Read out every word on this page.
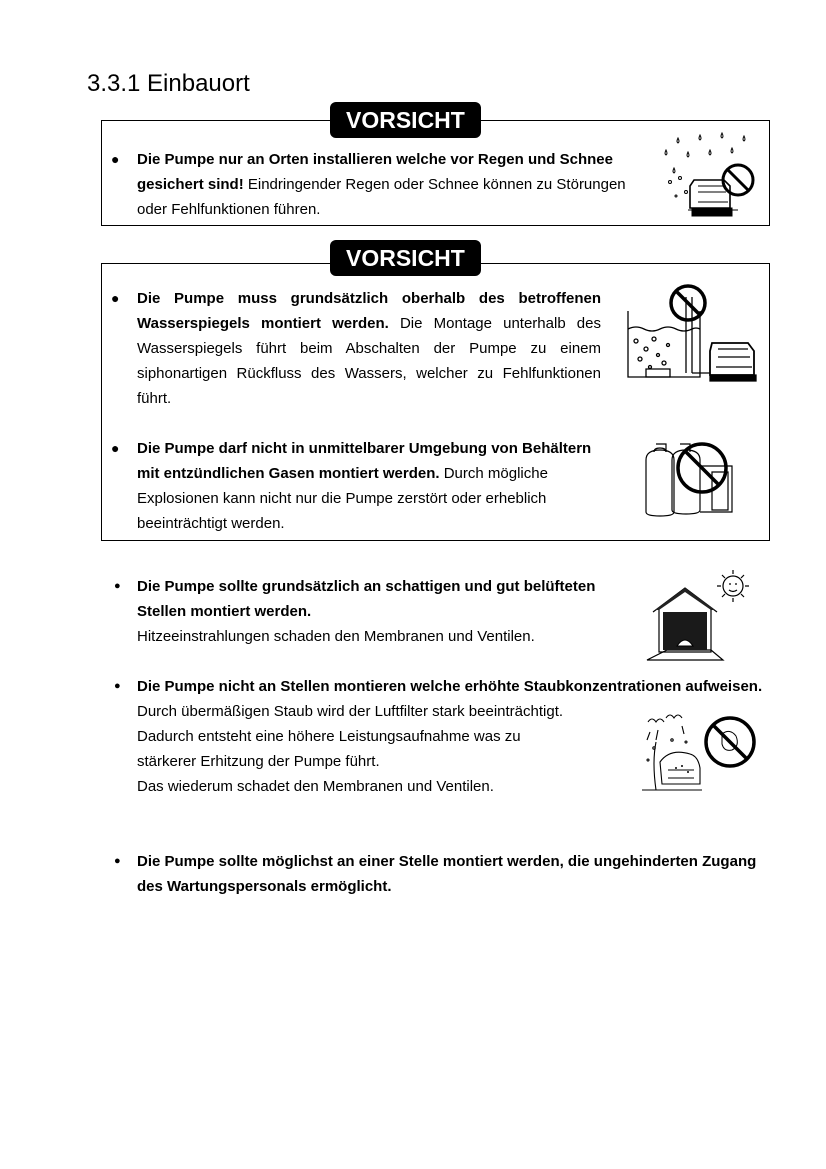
3.3.1 Einbauort
VORSICHT
● Die Pumpe nur an Orten installieren welche vor Regen und Schnee gesichert sind! Eindringender Regen oder Schnee können zu Störungen oder Fehlfunktionen führen.

VORSICHT
● Die Pumpe muss grundsätzlich oberhalb des betroffenen Wasserspiegels montiert werden. Die Montage unterhalb des Wasserspiegels führt beim Abschalten der Pumpe zu einem siphonartigen Rückfluss des Wassers, welcher zu Fehlfunktionen führt.

● Die Pumpe darf nicht in unmittelbarer Umgebung von Behältern mit entzündlichen Gasen montiert werden. Durch mögliche Explosionen kann nicht nur die Pumpe zerstört oder erheblich beeinträchtigt werden.

● Die Pumpe sollte grundsätzlich an schattigen und gut belüfteten Stellen montiert werden.

Hitzeeinstrahlungen schaden den Membranen und Ventilen.

● Die Pumpe nicht an Stellen montieren welche erhöhte Staubkonzentrationen aufweisen.

Durch übermäßigen Staub wird der Luftfilter stark beeinträchtigt.

Dadurch entsteht eine höhere Leistungsaufnahme was zu

stärkerer Erhitzung der Pumpe führt.

Das wiederum schadet den Membranen und Ventilen.

● Die Pumpe sollte möglichst an einer Stelle montiert werden, die ungehinderten Zugang des Wartungspersonals ermöglicht.
